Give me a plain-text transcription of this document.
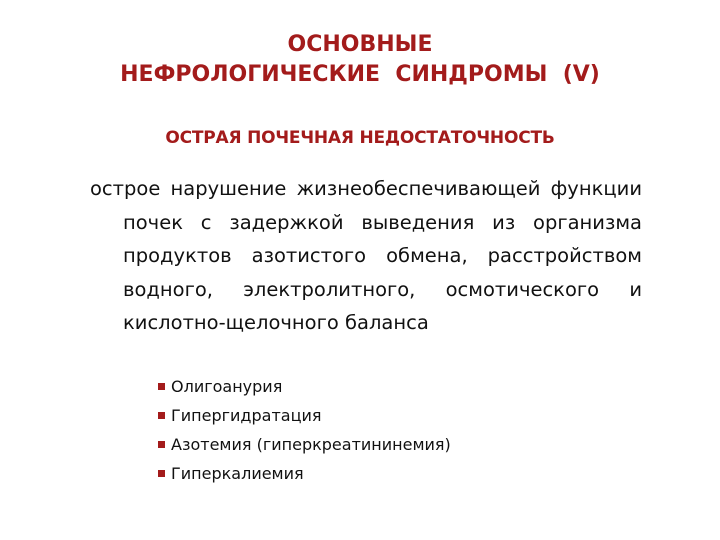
ОСНОВНЫЕ
НЕФРОЛОГИЧЕСКИЕ  СИНДРОМЫ  (V)
ОСТРАЯ ПОЧЕЧНАЯ НЕДОСТАТОЧНОСТЬ

острое нарушение жизнеобеспечивающей функции почек с задержкой выведения из организма продуктов азотистого обмена, расстройством водного, электролитного, осмотического и кислотно-щелочного баланса

Олигоанурия
Гипергидратация
Азотемия (гиперкреатининемия)
Гиперкалиемия
